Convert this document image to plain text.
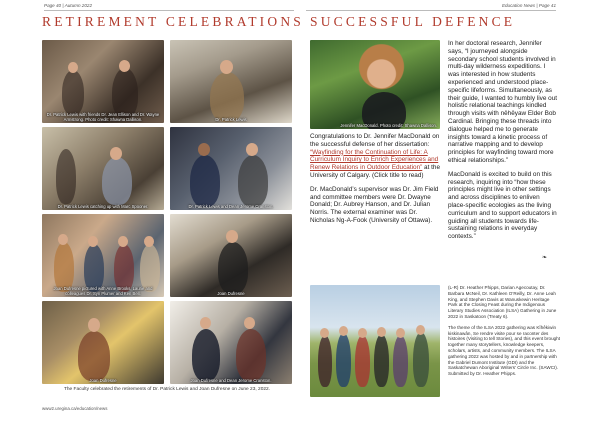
Page 40 | Autumn 2022	Education News | Page 41
RETIREMENT CELEBRATIONS
Dr. Patrick Lewis with friends Dr. Jean Ellison and Dr. Wayne Armstrong. Photo credit: Shawna Dallison.	Dr. Patrick Lewis
Dr. Patrick Lewis catching up with Marc Spooner.	Dr. Patrick Lewis and Dean Jerome Cranston.
Joan Dufresne pictured with Anne Brooks, Laurie and colleagues Dr. Syn Plumer and Ken Bell.	Joan Dufresne
Joan Dufresne	Joan Dufresne and Dean Jerome Cranston.
The Faculty celebrated the retirements of Dr. Patrick Lewis and Joan Dufresne on June 23, 2022.
www2.uregina.ca/education/news
SUCCESSFUL DEFENCE
Jennifer MacDonald. Photo credit: Shawna Dallison.

Congratulations to Dr. Jennifer MacDonald on the successful defense of her dissertation: “Wayfinding for the Continuation of Life: A Curriculum Inquiry to Enrich Experiences and Renew Relations in Outdoor Education” at the University of Calgary. (Click title to read)

Dr. MacDonald’s supervisor was Dr. Jim Field and committee members were Dr. Dwayne Donald; Dr. Aubrey Hanson, and Dr. Julian Norris. The external examiner was Dr. Nicholas Ng-A-Fook (University of Ottawa).

In her doctoral research, Jennifer says, “I journeyed alongside secondary school students involved in multi-day wilderness expeditions. I was interested in how students experienced and understood place-specific lifeforms. Simultaneously, as their guide, I wanted to humbly live out holistic relational teachings kindled through visits with nêhêyaw Elder Bob Cardinal. Bringing these threads into dialogue helped me to generate insights toward a kinetic process of narrative mapping and to develop principles for wayfinding toward more ethical relationships.”

MacDonald is excited to build on this research, inquiring into “how these principles might live in other settings and across disciplines to enliven place-specific ecologies as the living curriculum and to support educators in guiding all students towards life-sustaining relations in everyday contexts.”

❧

(L-R) Dr. Heather Phipps, Darian Agecoutay, Dr. Barbara McNeil, Dr. Kathleen O’Reilly, Dr. Anne Leah King, and Stephen Davis at Wanuskewin Heritage Park at the Closing Feast during the Indigenous Literary Studies Association (ILSA) Gathering in June 2022 in Saskatoon (Treaty 6).

The theme of the ILSA 2022 gathering was Kîhêkiwin kiskinawân, Se rendre visite pour se raconter des histoires (Visiting to tell Stories), and this event brought together many storytellers, knowledge keepers, scholars, artists, and community members. The ILSA gathering 2022 was hosted by and in partnership with the Gabriel Dumont Institute (GDI) and the Saskatchewan Aboriginal Writers’ Circle Inc. (SAWCI). Submitted by Dr. Heather Phipps.
